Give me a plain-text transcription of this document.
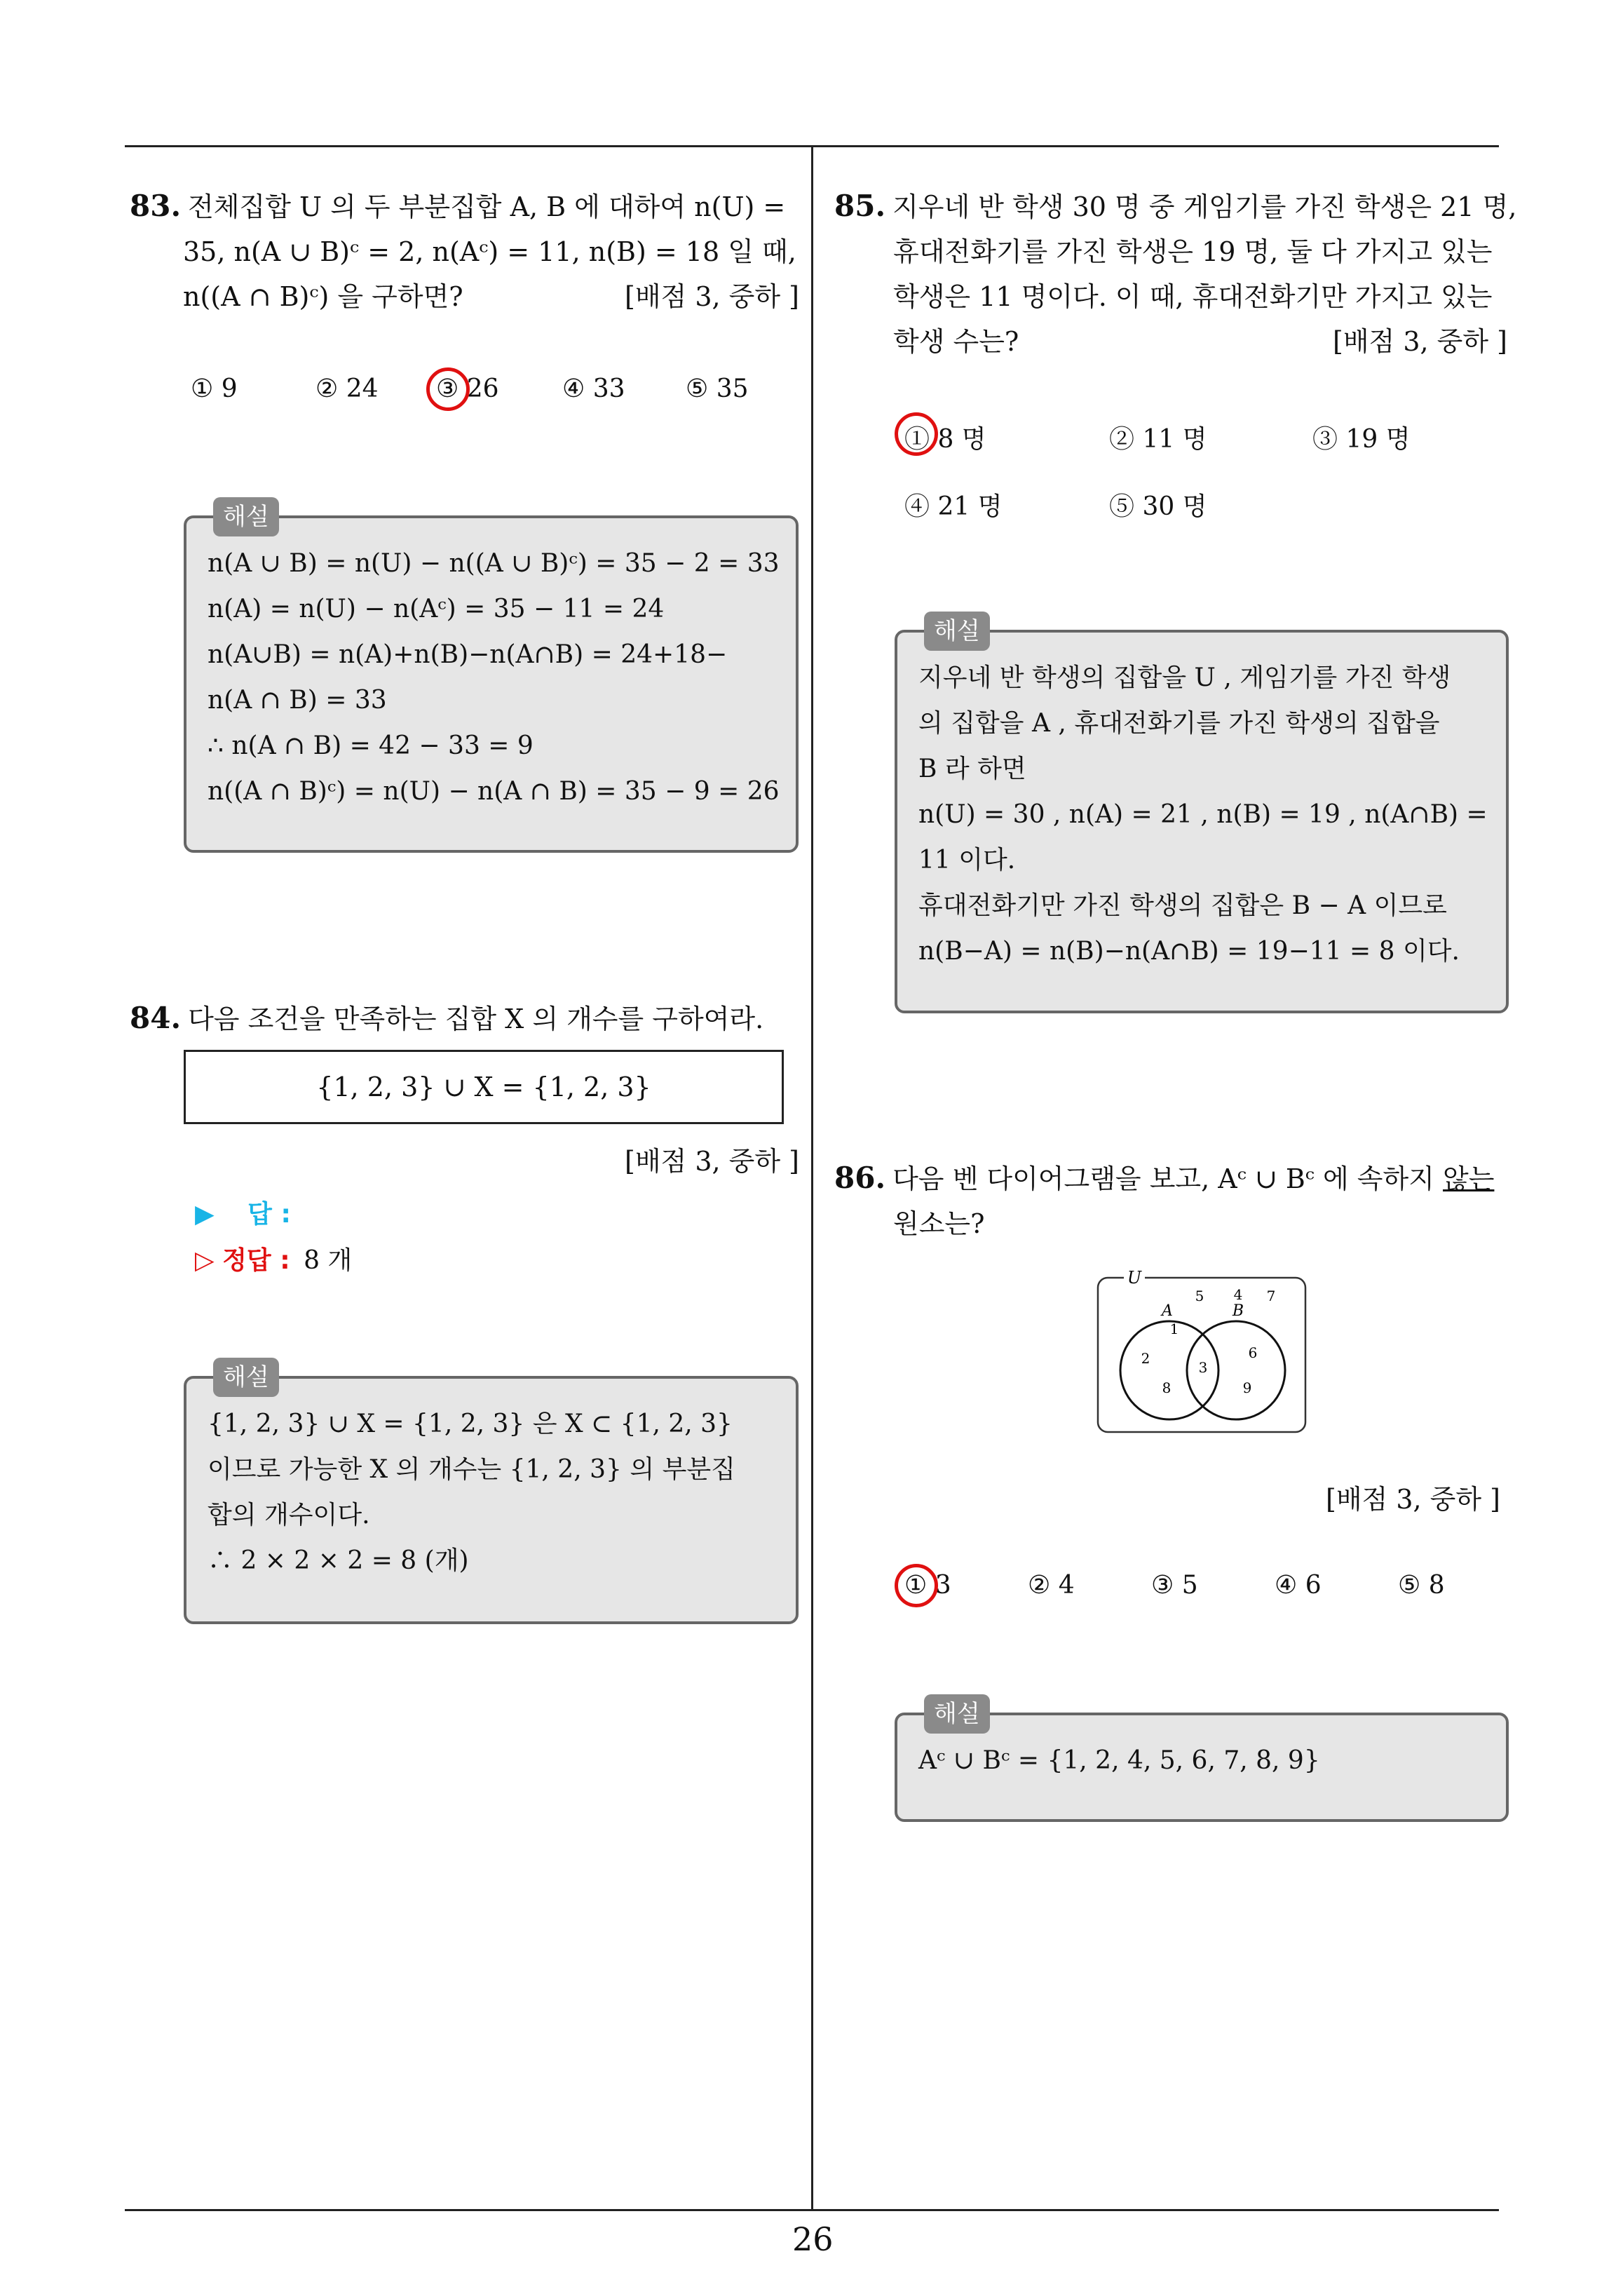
83. 전체집합 U 의 두 부분집합 A, B 에 대하여 n(U) =
35, n(A ∪ B)ᶜ = 2, n(Aᶜ) = 11, n(B) = 18 일 때,
n((A ∩ B)ᶜ) 을 구하면?	[배점 3, 중하 ]
① 9	② 24 ③ 26	④ 33 ⑤ 35
해설
n(A ∪ B) = n(U) − n((A ∪ B)ᶜ) = 35 − 2 = 33
n(A) = n(U) − n(Aᶜ) = 35 − 11 = 24
n(A∪B) = n(A)+n(B)−n(A∩B) = 24+18−
n(A ∩ B) = 33
∴ n(A ∩ B) = 42 − 33 = 9
n((A ∩ B)ᶜ) = n(U) − n(A ∩ B) = 35 − 9 = 26
84. 다음 조건을 만족하는 집합 X 의 개수를 구하여라.
{1, 2, 3} ∪ X = {1, 2, 3}
[배점 3, 중하 ]
▶ 답 :
▷ 정답 : 8 개
해설
{1, 2, 3} ∪ X = {1, 2, 3} 은 X ⊂ {1, 2, 3}
이므로 가능한 X 의 개수는 {1, 2, 3} 의 부분집
합의 개수이다.
∴ 2 × 2 × 2 = 8 (개)
85. 지우네 반 학생 30 명 중 게임기를 가진 학생은 21 명,
휴대전화기를 가진 학생은 19 명, 둘 다 가지고 있는
학생은 11 명이다. 이 때, 휴대전화기만 가지고 있는
학생 수는?	[배점 3, 중하 ]
① 8 명	② 11 명	③ 19 명
④ 21 명	⑤ 30 명
해설
지우네 반 학생의 집합을 U , 게임기를 가진 학생
의 집합을 A , 휴대전화기를 가진 학생의 집합을
B 라 하면
n(U) = 30 , n(A) = 21 , n(B) = 19 , n(A∩B) =
11 이다.
휴대전화기만 가진 학생의 집합은 B − A 이므로
n(B−A) = n(B)−n(A∩B) = 19−11 = 8 이다.
86. 다음 벤 다이어그램을 보고, Aᶜ ∪ Bᶜ 에 속하지 않는
원소는?
U
A	B
5 4 7
1
2
8
3
6
9
[배점 3, 중하 ]
① 3	② 4	③ 5	④ 6	⑤ 8
해설
Aᶜ ∪ Bᶜ = {1, 2, 4, 5, 6, 7, 8, 9}
26
